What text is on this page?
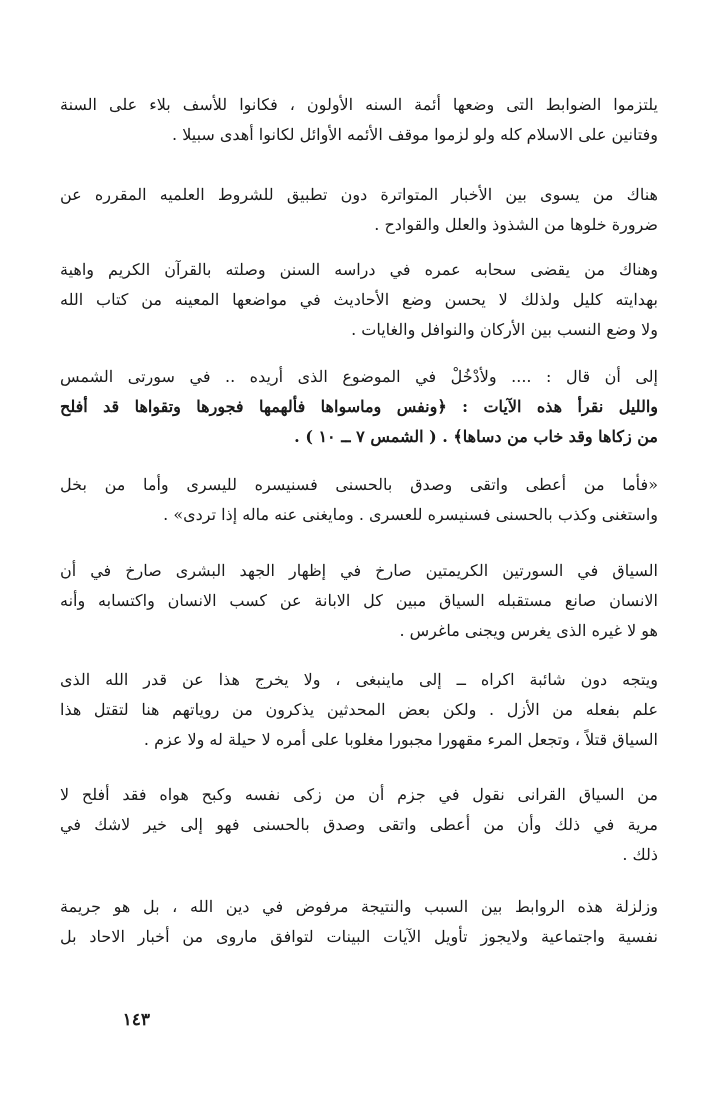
يلتزموا الضوابط التى وضعها أئمة السنه الأولون ، فكانوا للأسف بلاء على السنة
وفتانين على الاسلام كله ولو لزموا موقف الأئمه الأوائل لكانوا أهدى سبيلا .
هناك من يسوى بين الأخبار المتواترة دون تطبيق للشروط العلميه المقرره عن
ضرورة خلوها من الشذوذ والعلل والقوادح .
وهناك من يقضى سحابه عمره في دراسه السنن وصلته بالقرآن الكريم واهية
بهدايته كليل ولذلك لا يحسن وضع الأحاديث في مواضعها المعينه من كتاب الله
ولا وضع النسب بين الأركان والنوافل والغايات .
إلى أن قال : .... ولأدْخُلْ في الموضوع الذى أريده .. في سورتى الشمس
والليل نقرأ هذه الآيات : ﴿ونفس وماسواها فألهمها فجورها وتقواها قد أفلح
من زكاها وقد خاب من دساها﴾ . ( الشمس ٧ ــ ١٠ ) .
«فأما من أعطى واتقى وصدق بالحسنى فسنيسره لليسرى وأما من بخل
واستغنى وكذب بالحسنى فسنيسره للعسرى . ومايغنى عنه ماله إذا تردى» .
السياق في السورتين الكريمتين صارخ في إظهار الجهد البشرى صارخ في أن
الانسان صانع مستقبله السياق مبين كل الابانة عن كسب الانسان واكتسابه وأنه
هو لا غيره الذى يغرس ويجنى ماغرس .
ويتجه دون شائبة اكراه ــ إلى ماينبغى ، ولا يخرج هذا عن قدر الله الذى
علم بفعله من الأزل . ولكن بعض المحدثين يذكرون من روياتهم هنا لتقتل هذا
السياق قتلاً ، وتجعل المرء مقهورا مجبورا مغلوبا على أمره لا حيلة له ولا عزم .
من السياق القرانى نقول في جزم أن من زكى نفسه وكبح هواه فقد أفلح لا
مرية في ذلك وأن من أعطى واتقى وصدق بالحسنى فهو إلى خير لاشك في
ذلك .
وزلزلة هذه الروابط بين السبب والنتيجة مرفوض في دين الله ، بل هو جريمة
نفسية واجتماعية ولايجوز تأويل الآيات البينات لتوافق ماروى من أخبار الاحاد بل
١٤٣
